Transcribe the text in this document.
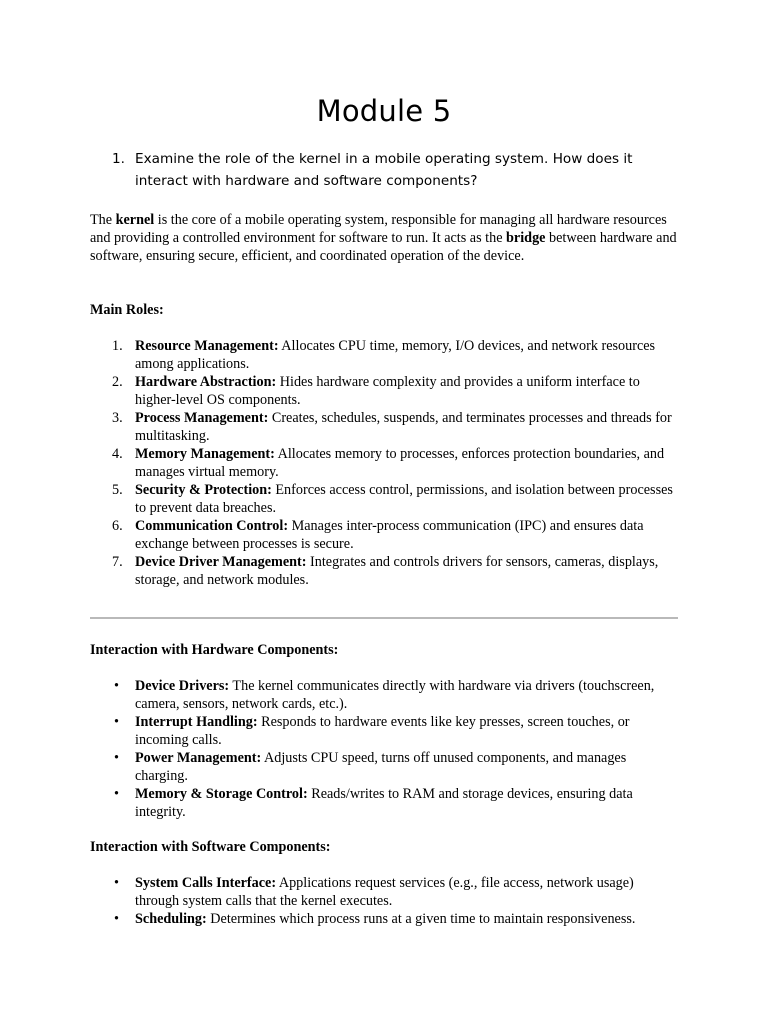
Module 5
1. Examine the role of the kernel in a mobile operating system. How does it interact with hardware and software components?

The kernel is the core of a mobile operating system, responsible for managing all hardware resources and providing a controlled environment for software to run. It acts as the bridge between hardware and software, ensuring secure, efficient, and coordinated operation of the device.

Main Roles:

1. Resource Management: Allocates CPU time, memory, I/O devices, and network resources among applications.
2. Hardware Abstraction: Hides hardware complexity and provides a uniform interface to higher-level OS components.
3. Process Management: Creates, schedules, suspends, and terminates processes and threads for multitasking.
4. Memory Management: Allocates memory to processes, enforces protection boundaries, and manages virtual memory.
5. Security & Protection: Enforces access control, permissions, and isolation between processes to prevent data breaches.
6. Communication Control: Manages inter-process communication (IPC) and ensures data exchange between processes is secure.
7. Device Driver Management: Integrates and controls drivers for sensors, cameras, displays, storage, and network modules.

Interaction with Hardware Components:

• Device Drivers: The kernel communicates directly with hardware via drivers (touchscreen, camera, sensors, network cards, etc.).
• Interrupt Handling: Responds to hardware events like key presses, screen touches, or incoming calls.
• Power Management: Adjusts CPU speed, turns off unused components, and manages charging.
• Memory & Storage Control: Reads/writes to RAM and storage devices, ensuring data integrity.

Interaction with Software Components:

• System Calls Interface: Applications request services (e.g., file access, network usage) through system calls that the kernel executes.
• Scheduling: Determines which process runs at a given time to maintain responsiveness.
